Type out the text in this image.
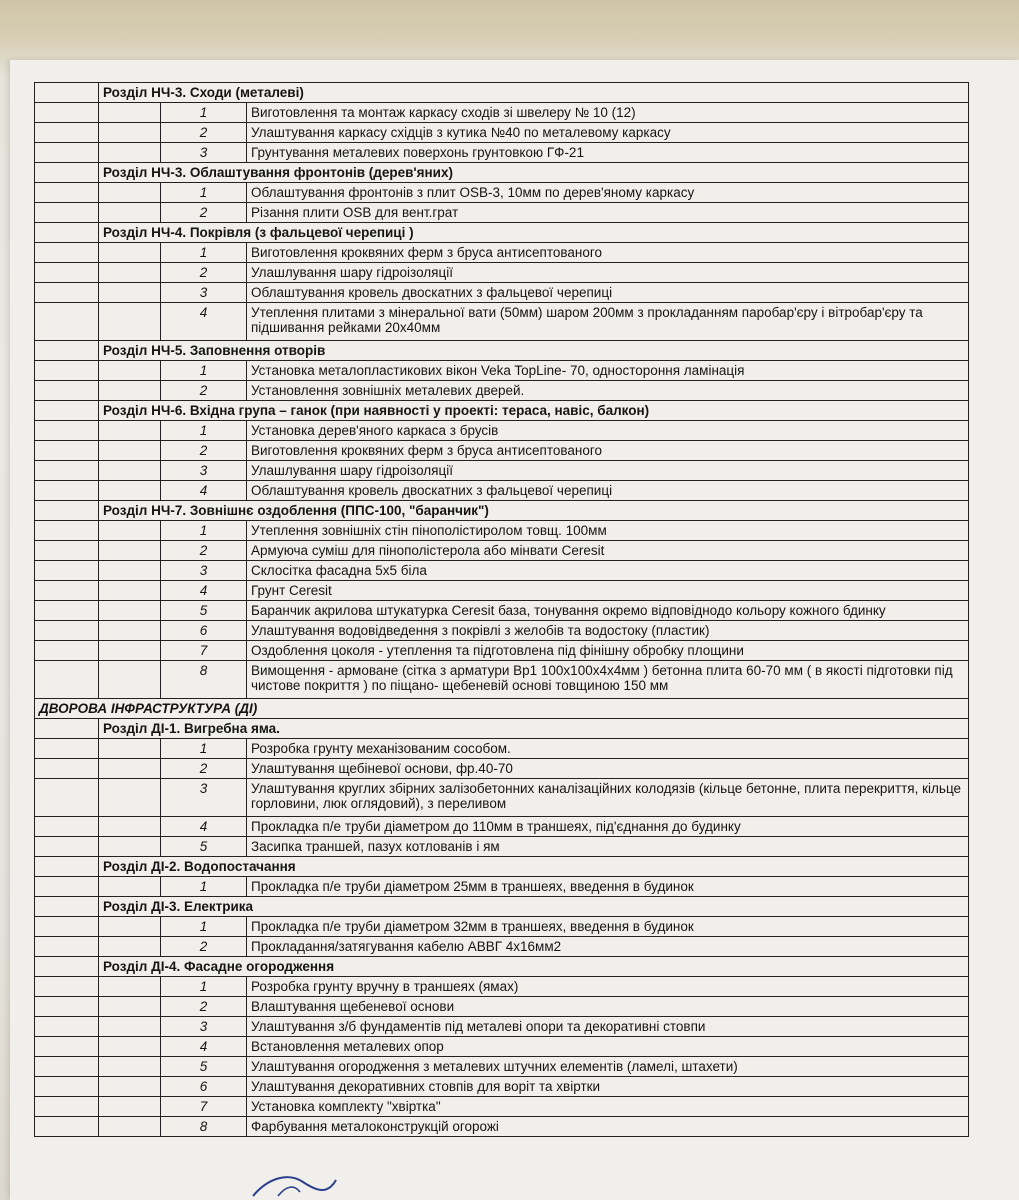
	Розділ НЧ-3. Сходи (металеві)		
		1	Виготовлення та монтаж каркасу сходів зі швелеру № 10 (12)
		2	Улаштування каркасу східців з кутика №40 по металевому каркасу
		3	Грунтування металевих поверхонь грунтовкою ГФ-21
	Розділ НЧ-3. Облаштування фронтонів (дерев'яних)		
		1	Облаштування фронтонів з плит OSB-3, 10мм по дерев'яному каркасу
		2	Різання плити OSB для вент.грат
	Розділ НЧ-4. Покрівля (з фальцевої черепиці )		
		1	Виготовлення кроквяних ферм з бруса антисептованого
		2	Улашлування шару гідроізоляції
		3	Облаштування кровель двоскатних з фальцевої черепиці
		4	Утеплення плитами з мінеральної вати (50мм) шаром 200мм з прокладанням паробар'єру і вітробар'єру та підшивання рейками 20х40мм
	Розділ НЧ-5. Заповнення отворів		
		1	Установка металопластикових вікон Veka TopLine- 70, одностороння ламінація
		2	Установлення зовнішніх металевих дверей.
	Розділ НЧ-6. Вхідна група – ганок (при наявності у проекті: тераса, навіс, балкон)		
		1	Установка дерев'яного каркаса з брусів
		2	Виготовлення кроквяних ферм з бруса антисептованого
		3	Улашлування шару гідроізоляції
		4	Облаштування кровель двоскатних з фальцевої черепиці
	Розділ НЧ-7. Зовнішнє оздоблення (ППС-100, "баранчик")		
		1	Утеплення зовнішніх стін пінополістиролом товщ. 100мм
		2	Армуюча суміш для пінополістерола або мінвати Ceresit
		3	Склосітка фасадна 5х5 біла
		4	Грунт Ceresit
		5	Баранчик акрилова штукатурка Ceresit база, тонування окремо відповіднодо кольору кожного бдинку
		6	Улаштування водовідведення з покрівлі з желобів та водостоку (пластик)
		7	Оздоблення цоколя - утеплення та підготовлена під фінішну обробку площини
		8	Вимощення - армоване (сітка з арматури Вр1 100х100х4х4мм ) бетонна плита 60-70 мм ( в якості підготовки під чистове покриття ) по піщано- щебеневій основі товщиною 150 мм
ДВОРОВА ІНФРАСТРУКТУРА (ДІ)			
	Розділ ДІ-1. Вигребна яма.		
		1	Розробка грунту механізованим сособом.
		2	Улаштування щебіневої основи, фр.40-70
		3	Улаштування круглих збірних залізобетонних каналізаційних колодязів (кільце бетонне, плита перекриття, кільце горловини, люк оглядовий), з переливом
		4	Прокладка п/е труби діаметром до 110мм в траншеях, під'єднання до будинку
		5	Засипка траншей, пазух котлованів і ям
	Розділ ДІ-2. Водопостачання		
		1	Прокладка п/е труби діаметром 25мм в траншеях, введення в будинок
	Розділ ДІ-3. Електрика		
		1	Прокладка п/е труби діаметром 32мм в траншеях, введення в будинок
		2	Прокладання/затягування кабелю АВВГ 4х16мм2
	Розділ ДІ-4. Фасадне огородження		
		1	Розробка грунту вручну в траншеях (ямах)
		2	Влаштування щебеневої основи
		3	Улаштування з/б фундаментів під металеві опори та декоративні стовпи
		4	Встановлення металевих опор
		5	Улаштування огородження з металевих штучних елементів (ламелі, штахети)
		6	Улаштування декоративних стовпів для воріт та хвіртки
		7	Установка комплекту "хвіртка"
		8	Фарбування металоконструкцій огорожі
